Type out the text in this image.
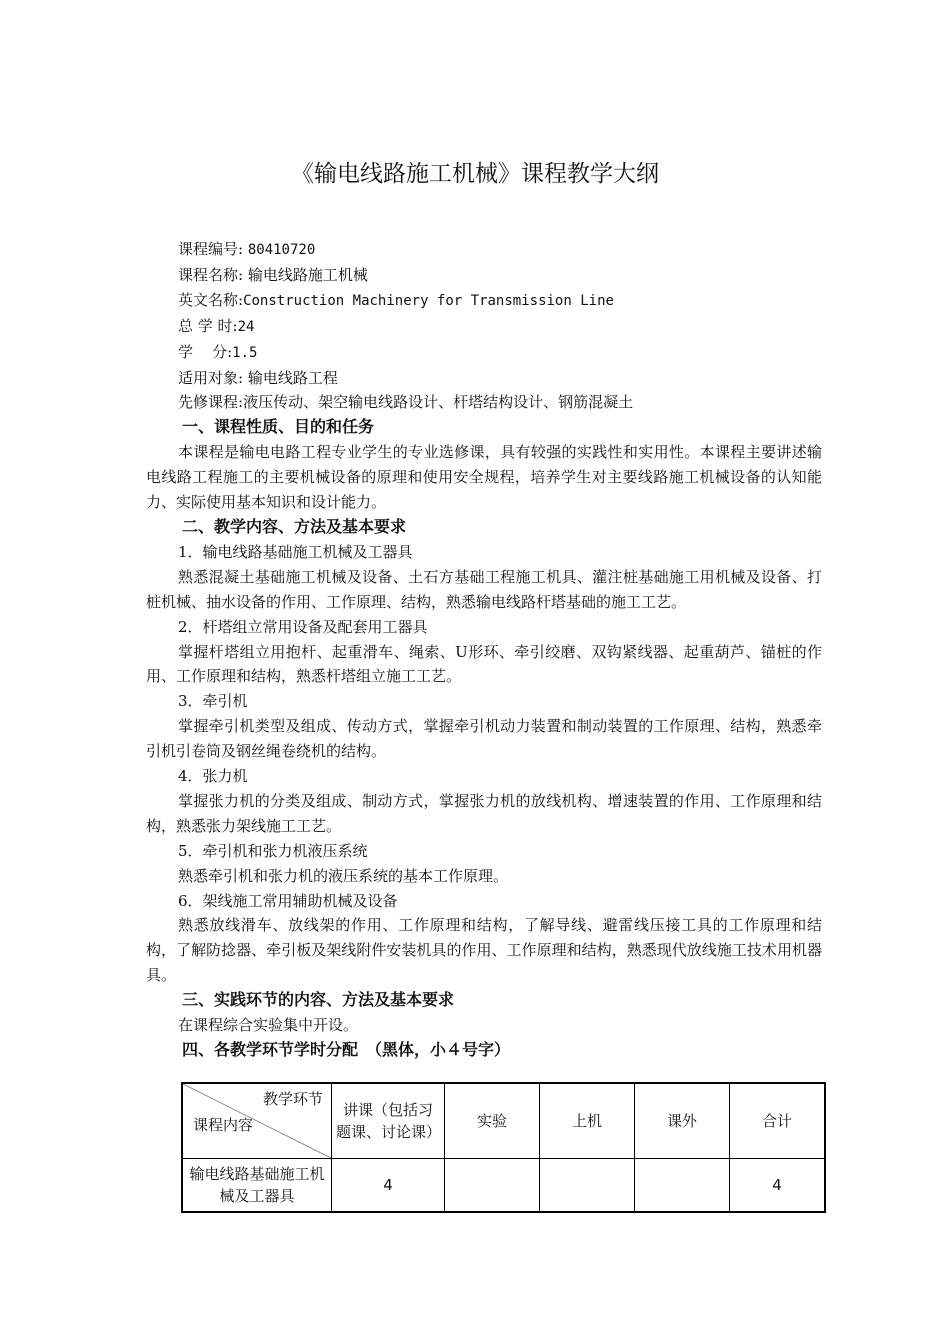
《输电线路施工机械》课程教学大纲
课程编号: 80410720
课程名称: 输电线路施工机械
英文名称:Construction Machinery for Transmission Line
总 学 时:24
学    分:1.5
适用对象: 输电线路工程
先修课程:液压传动、架空输电线路设计、杆塔结构设计、钢筋混凝土
一、课程性质、目的和任务
本课程是输电电路工程专业学生的专业选修课，具有较强的实践性和实用性。本课程主要讲述输电线路工程施工的主要机械设备的原理和使用安全规程，培养学生对主要线路施工机械设备的认知能力、实际使用基本知识和设计能力。
二、教学内容、方法及基本要求
1．输电线路基础施工机械及工器具
熟悉混凝土基础施工机械及设备、土石方基础工程施工机具、灌注桩基础施工用机械及设备、打桩机械、抽水设备的作用、工作原理、结构，熟悉输电线路杆塔基础的施工工艺。
2．杆塔组立常用设备及配套用工器具
掌握杆塔组立用抱杆、起重滑车、绳索、U形环、牵引绞磨、双钩紧线器、起重葫芦、锚桩的作用、工作原理和结构，熟悉杆塔组立施工工艺。
3．牵引机
掌握牵引机类型及组成、传动方式，掌握牵引机动力装置和制动装置的工作原理、结构，熟悉牵引机引卷筒及钢丝绳卷绕机的结构。
4．张力机
掌握张力机的分类及组成、制动方式，掌握张力机的放线机构、增速装置的作用、工作原理和结构，熟悉张力架线施工工艺。
5．牵引机和张力机液压系统
熟悉牵引机和张力机的液压系统的基本工作原理。
6．架线施工常用辅助机械及设备
熟悉放线滑车、放线架的作用、工作原理和结构，了解导线、避雷线压接工具的工作原理和结构，了解防捻器、牵引板及架线附件安装机具的作用、工作原理和结构，熟悉现代放线施工技术用机器具。
三、实践环节的内容、方法及基本要求
在课程综合实验集中开设。
四、各教学环节学时分配　（黑体，小４号字）
教学环节
课程内容	讲课（包括习题课、讨论课）	实验	上机	课外	合计
输电线路基础施工机械及工器具	4				4
